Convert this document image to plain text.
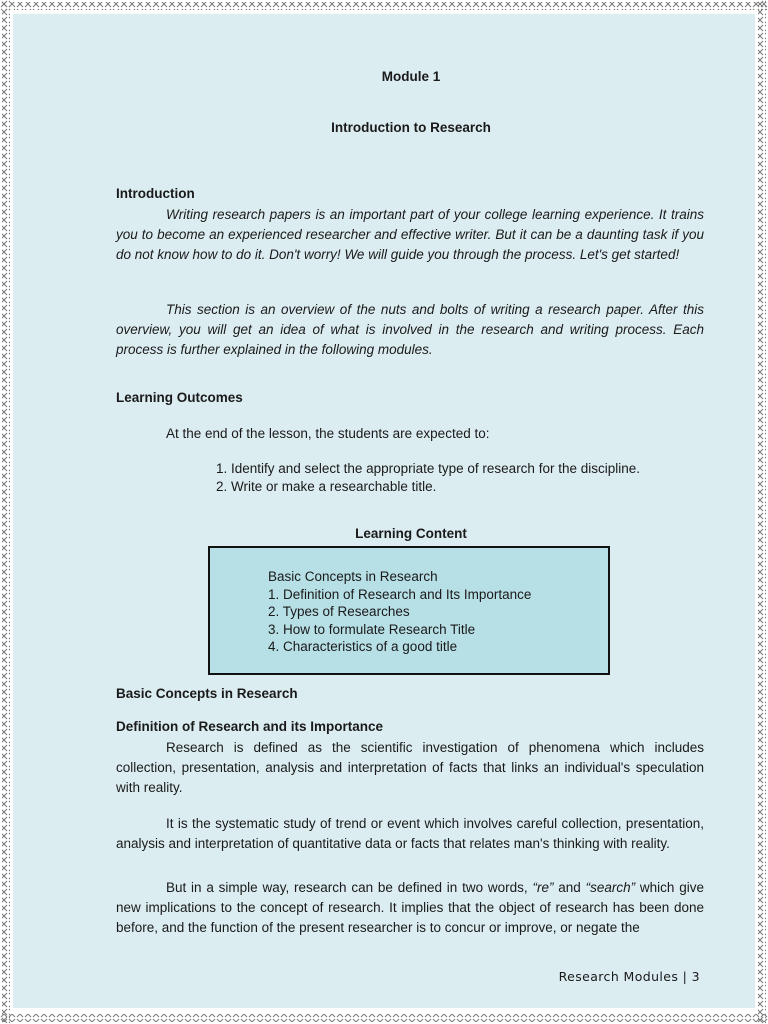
Module 1
Introduction to Research
Introduction

Writing research papers is an important part of your college learning experience. It trains you to become an experienced researcher and effective writer. But it can be a daunting task if you do not know how to do it. Don't worry! We will guide you through the process. Let's get started!

This section is an overview of the nuts and bolts of writing a research paper. After this overview, you will get an idea of what is involved in the research and writing process. Each process is further explained in the following modules.

Learning Outcomes
At the end of the lesson, the students are expected to:
1. Identify and select the appropriate type of research for the discipline.
2. Write or make a researchable title.
Learning Content
Basic Concepts in Research
1. Definition of Research and Its Importance
2. Types of Researches
3. How to formulate Research Title
4. Characteristics of a good title
Basic Concepts in Research
Definition of Research and its Importance

Research is defined as the scientific investigation of phenomena which includes collection, presentation, analysis and interpretation of facts that links an individual's speculation with reality.

It is the systematic study of trend or event which involves careful collection, presentation, analysis and interpretation of quantitative data or facts that relates man's thinking with reality.

But in a simple way, research can be defined in two words, “re” and “search” which give new implications to the concept of research. It implies that the object of research has been done before, and the function of the present researcher is to concur or improve, or negate the

Research Modules | 3
